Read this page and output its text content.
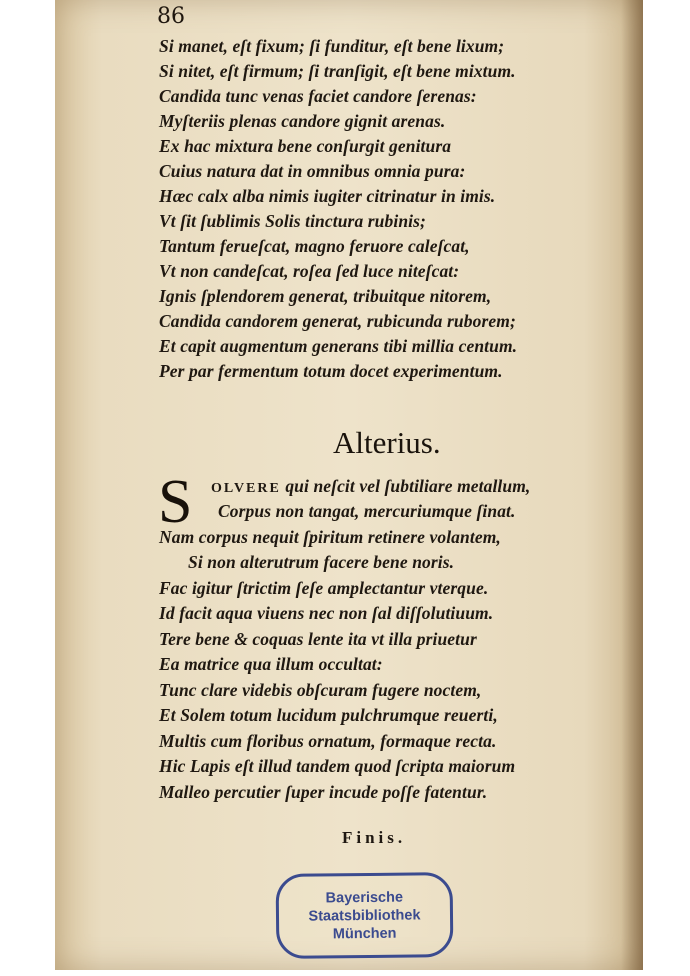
86
Si manet, eſt fixum; ſi funditur, eſt bene lixum;
Si nitet, eſt firmum; ſi tranſigit, eſt bene mixtum.
Candida tunc venas faciet candore ſerenas:
Myſteriis plenas candore gignit arenas.
Ex hac mixtura bene conſurgit genitura
Cuius natura dat in omnibus omnia pura:
Hæc calx alba nimis iugiter citrinatur in imis.
Vt ſit ſublimis Solis tinctura rubinis;
Tantum ferueſcat, magno feruore caleſcat,
Vt non candeſcat, roſea ſed luce niteſcat:
Ignis ſplendorem generat, tribuitque nitorem,
Candida candorem generat, rubicunda ruborem;
Et capit augmentum generans tibi millia centum.
Per par fermentum totum docet experimentum.
Alterius.
S OLVERE qui neſcit vel ſubtiliare metallum,
Corpus non tangat, mercuriumque ſinat.
Nam corpus nequit ſpiritum retinere volantem,
Si non alterutrum facere bene noris.
Fac igitur ſtrictim ſeſe amplectantur vterque.
Id facit aqua viuens nec non ſal diſſolutiuum.
Tere bene & coquas lente ita vt illa priuetur
Ea matrice qua illum occultat:
Tunc clare videbis obſcuram fugere noctem,
Et Solem totum lucidum pulchrumque reuerti,
Multis cum floribus ornatum, formaque recta.
Hic Lapis eſt illud tandem quod ſcripta maiorum
Malleo percutier ſuper incude poſſe fatentur.
Finis.
Bayerische
Staatsbibliothek
München
